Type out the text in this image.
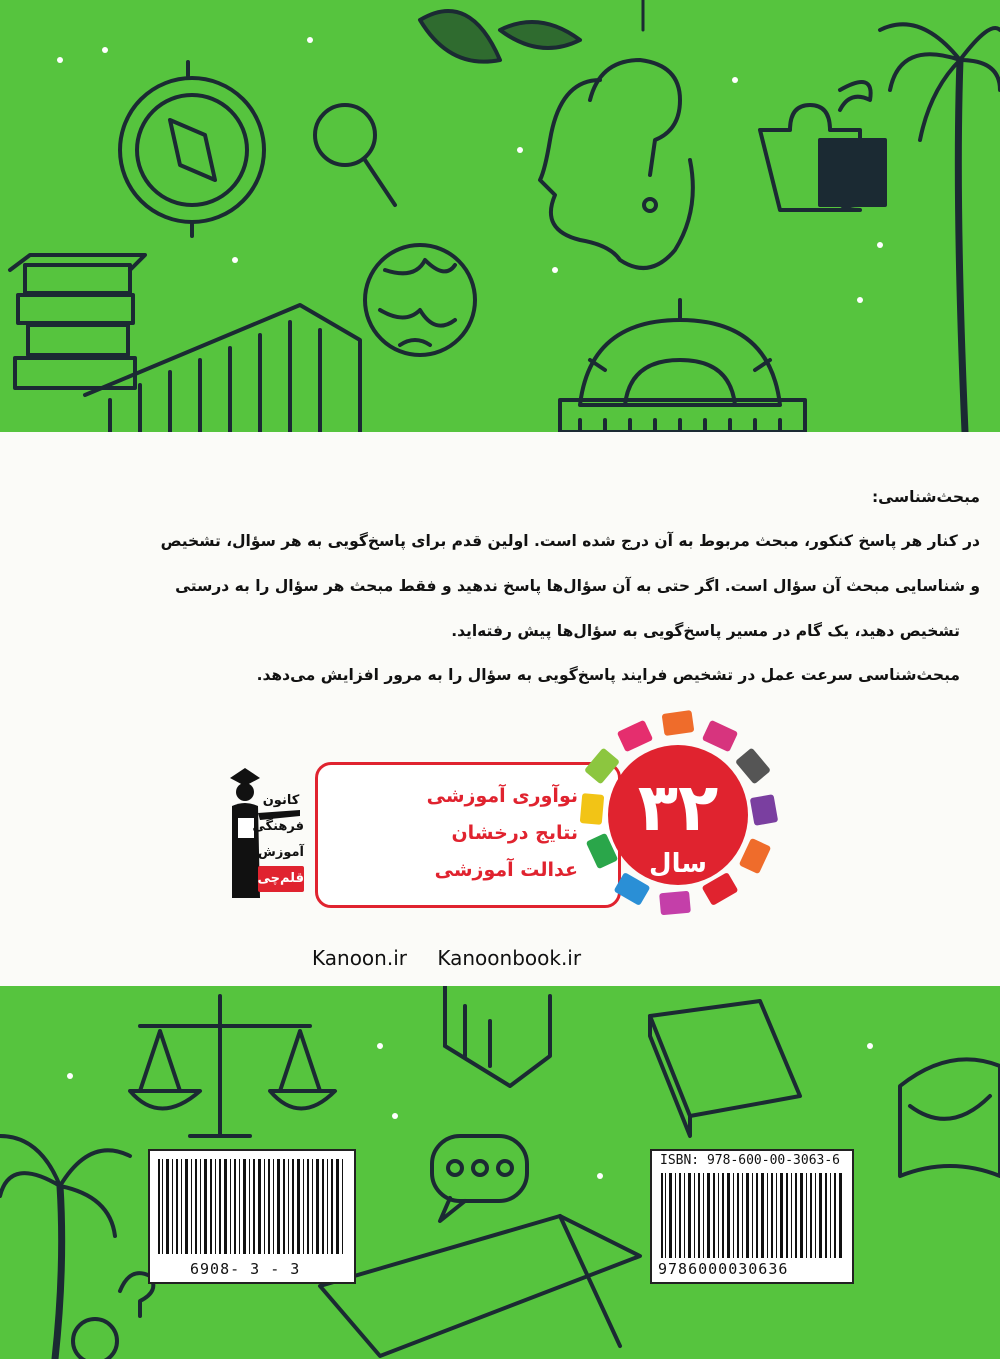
مبحث‌شناسی:
در کنار هر پاسخ کنکور، مبحث مربوط به آن درج شده است. اولین قدم برای پاسخ‌گویی به هر سؤال، تشخیص
و شناسایی مبحث آن سؤال است. اگر حتی به آن سؤال‌ها پاسخ ندهید و فقط مبحث هر سؤال را به درستی
تشخیص دهید، یک گام در مسیر پاسخ‌گویی به سؤال‌ها پیش رفته‌اید.
مبحث‌شناسی سرعت عمل در تشخیص فرایند پاسخ‌گویی به سؤال را به مرور افزایش می‌دهد.
کانون
فرهنگی
آموزش
قلم‌چی
نوآوری آموزشی
نتایج درخشان
عدالت آموزشی
۳۲
سال
Kanoon.ir Kanoonbook.ir
6908- 3 - 3
ISBN: 978-600-00-3063-6
9786000030636
